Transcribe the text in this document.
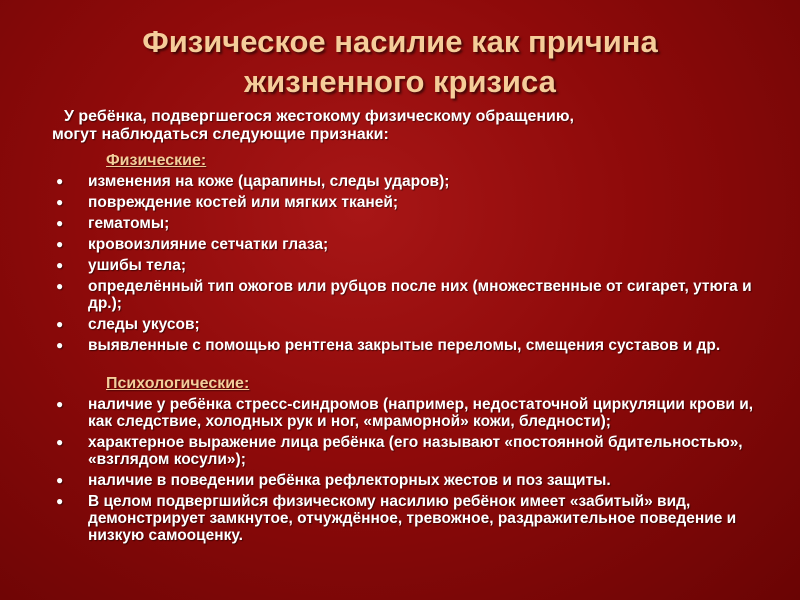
Физическое насилие как причина
жизненного кризиса
У ребёнка, подвергшегося жестокому физическому обращению,
могут наблюдаться следующие признаки:
Физические:
● изменения на коже (царапины, следы ударов);
● повреждение костей или мягких тканей;
● гематомы;
● кровоизлияние сетчатки глаза;
● ушибы тела;
● определённый тип ожогов или рубцов после них (множественные от сигарет, утюга и др.);
● следы укусов;
● выявленные с помощью рентгена закрытые переломы, смещения суставов и др.
Психологические:
● наличие у ребёнка стресс-синдромов (например, недостаточной циркуляции крови и, как следствие, холодных рук и ног, «мраморной» кожи, бледности);
● характерное выражение лица ребёнка (его называют «постоянной бдительностью», «взглядом косули»);
● наличие в поведении ребёнка рефлекторных жестов и поз защиты.
● В целом подвергшийся физическому насилию ребёнок имеет «забитый» вид, демонстрирует замкнутое, отчуждённое, тревожное, раздражительное поведение и низкую самооценку.
